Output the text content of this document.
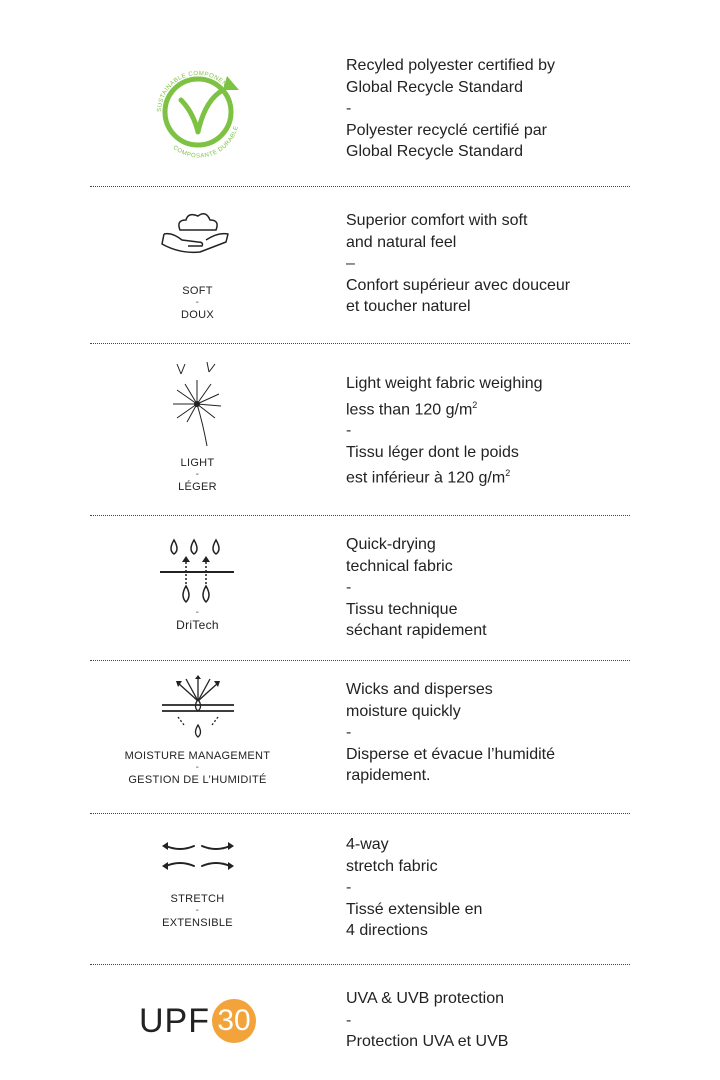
SUSTAINABLE COMPONENT
COMPOSANTE DURABLE
Recyled polyester certified by
Global Recycle Standard
-
Polyester recyclé certifié par
Global Recycle Standard
SOFT
-
DOUX
Superior comfort with soft
and natural feel
–
Confort supérieur avec douceur
et toucher naturel
LIGHT
-
LÉGER
Light weight fabric weighing
less than 120 $g/m^2$
-
Tissu léger dont le poids
est inférieur à 120 $g/m^2$
-
DriTech
Quick-drying
technical fabric
-
Tissu technique
séchant rapidement
MOISTURE MANAGEMENT
-
GESTION DE L’HUMIDITÉ
Wicks and disperses
moisture quickly
-
Disperse et évacue l’humidité
rapidement.
STRETCH
-
EXTENSIBLE
4-way
stretch fabric
-
Tissé extensible en
4 directions
UPF 30
UVA & UVB protection
-
Protection UVA et UVB
